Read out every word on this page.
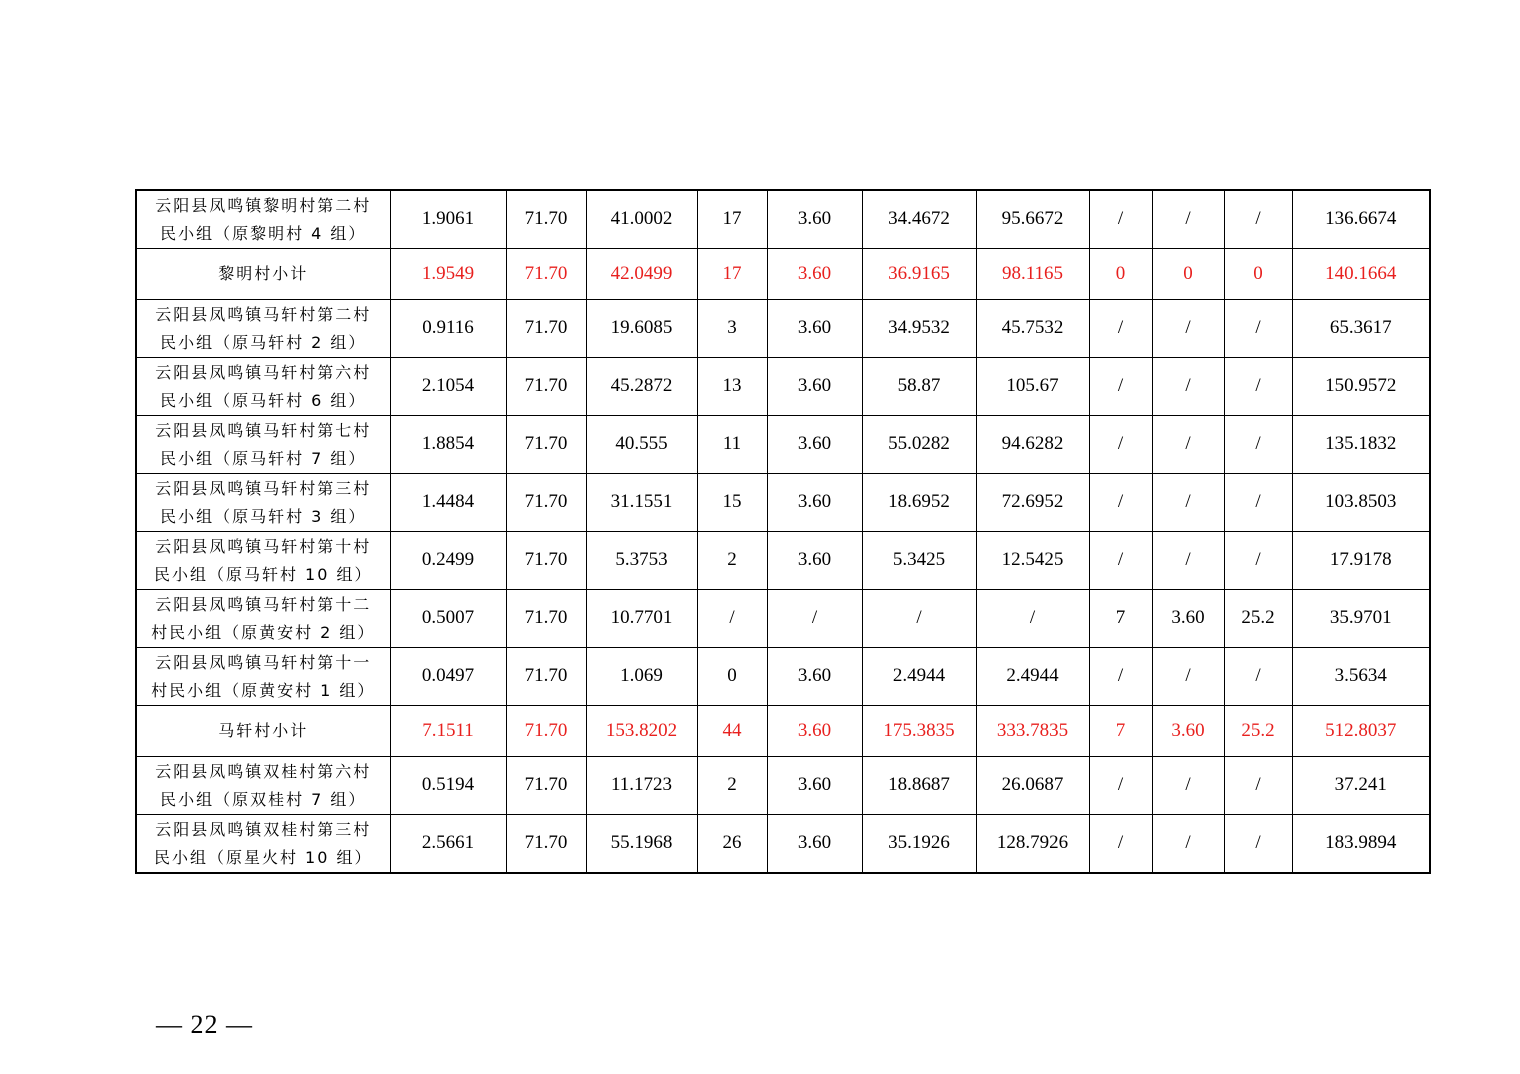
云阳县凤鸣镇黎明村第二村
民小组（原黎明村 4 组）	1.9061	71.70	41.0002	17	3.60	34.4672	95.6672	/	/	/	136.6674

黎明村小计	1.9549	71.70	42.0499	17	3.60	36.9165	98.1165	0	0	0	140.1664

云阳县凤鸣镇马轩村第二村
民小组（原马轩村 2 组）	0.9116	71.70	19.6085	3	3.60	34.9532	45.7532	/	/	/	65.3617

云阳县凤鸣镇马轩村第六村
民小组（原马轩村 6 组）	2.1054	71.70	45.2872	13	3.60	58.87	105.67	/	/	/	150.9572

云阳县凤鸣镇马轩村第七村
民小组（原马轩村 7 组）	1.8854	71.70	40.555	11	3.60	55.0282	94.6282	/	/	/	135.1832

云阳县凤鸣镇马轩村第三村
民小组（原马轩村 3 组）	1.4484	71.70	31.1551	15	3.60	18.6952	72.6952	/	/	/	103.8503

云阳县凤鸣镇马轩村第十村
民小组（原马轩村 10 组）	0.2499	71.70	5.3753	2	3.60	5.3425	12.5425	/	/	/	17.9178

云阳县凤鸣镇马轩村第十二
村民小组（原黄安村 2 组）	0.5007	71.70	10.7701	/	/	/	/	7	3.60	25.2	35.9701

云阳县凤鸣镇马轩村第十一
村民小组（原黄安村 1 组）	0.0497	71.70	1.069	0	3.60	2.4944	2.4944	/	/	/	3.5634

马轩村小计	7.1511	71.70	153.8202	44	3.60	175.3835	333.7835	7	3.60	25.2	512.8037

云阳县凤鸣镇双桂村第六村
民小组（原双桂村 7 组）	0.5194	71.70	11.1723	2	3.60	18.8687	26.0687	/	/	/	37.241

云阳县凤鸣镇双桂村第三村
民小组（原星火村 10 组）	2.5661	71.70	55.1968	26	3.60	35.1926	128.7926	/	/	/	183.9894
— 22 —
